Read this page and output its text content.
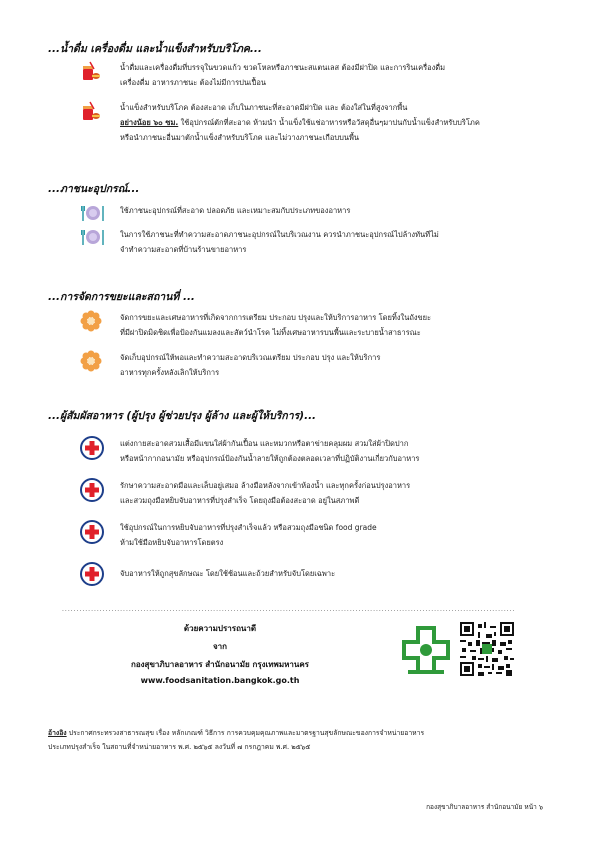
...น้ำดื่ม เครื่องดื่ม และน้ำแข็งสำหรับบริโภค...
น้ำดื่มและเครื่องดื่มที่บรรจุในขวดแก้ว ขวดโหลหรือภาชนะสแตนเลส ต้องมีฝาปิด และการรินเครื่องดื่ม
เครื่องดื่ม อาหารภาชนะ ต้องไม่มีการปนเปื้อน
น้ำแข็งสำหรับบริโภค ต้องสะอาด เก็บในภาชนะที่สะอาดมีฝาปิด และ ต้องใส่ในที่สูงจากพื้น
อย่างน้อย ๖๐ ซม. ใช้อุปกรณ์ตักที่สะอาด ห้ามนำ น้ำแข็งใช้แช่อาหารหรือวัสดุอื่นๆมาปนกับน้ำแข็งสำหรับบริโภค
หรือนำภาชนะอื่นมาตักน้ำแข็งสำหรับบริโภค และไม่วางภาชนะเกือบบนพื้น
...ภาชนะอุปกรณ์...
ใช้ภาชนะอุปกรณ์ที่สะอาด ปลอดภัย และเหมาะสมกับประเภทของอาหาร
ในการใช้ภาชนะที่ทำความสะอาดภาชนะอุปกรณ์ในบริเวณงาน ควรนำภาชนะอุปกรณ์ไปล้างทันทีไม่
จำทำความสะอาดที่บ้านร้านขายอาหาร
...การจัดการขยะและสถานที่ ...
จัดการขยะและเศษอาหารที่เกิดจากการเตรียม ประกอบ ปรุงและให้บริการอาหาร โดยทิ้งในถังขยะ
ที่มีฝาปิดมิดชิดเพื่อป้องกันแมลงและสัตว์นำโรค ไม่ทิ้งเศษอาหารบนพื้นและระบายน้ำสาธารณะ
จัดเก็บอุปกรณ์ให้พอและทำความสะอาดบริเวณเตรียม ประกอบ ปรุง และให้บริการ
อาหารทุกครั้งหลังเลิกให้บริการ
...ผู้สัมผัสอาหาร (ผู้ปรุง ผู้ช่วยปรุง ผู้ล้าง และผู้ให้บริการ)...
แต่งกายสะอาดสวมเสื้อมีแขนใส่ผ้ากันเปื้อน และหมวกหรือตาข่ายคลุมผม สวมใส่ผ้าปิดปาก
หรือหน้ากากอนามัย หรืออุปกรณ์ป้องกันน้ำลายให้ถูกต้องตลอดเวลาที่ปฏิบัติงานเกี่ยวกับอาหาร
รักษาความสะอาดมือและเล็บอยู่เสมอ ล้างมือหลังจากเข้าห้องน้ำ และทุกครั้งก่อนปรุงอาหาร
และสวมถุงมือหยิบจับอาหารที่ปรุงสำเร็จ โดยถุงมือต้องสะอาด อยู่ในสภาพดี
ใช้อุปกรณ์ในการหยิบจับอาหารที่ปรุงสำเร็จแล้ว หรือสวมถุงมือชนิด food grade
ห้ามใช้มือหยิบจับอาหารโดยตรง
จับอาหารให้ถูกสุขลักษณะ โดยใช้ช้อนและถ้วยสำหรับจับโดยเฉพาะ
............................................................................................................................................................
ด้วยความปรารถนาดี
จาก
กองสุขาภิบาลอาหาร สำนักอนามัย กรุงเทพมหานคร
www.foodsanitation.bangkok.go.th
อ้างอิง ประกาศกระทรวงสาธารณสุข เรื่อง หลักเกณฑ์ วิธีการ การควบคุมคุณภาพและมาตรฐานสุขลักษณะของการจำหน่ายอาหาร
ประเภทปรุงสำเร็จ ในสถานที่จำหน่ายอาหาร พ.ศ. ๒๕๖๕ ลงวันที่ ๗ กรกฎาคม พ.ศ. ๒๕๖๕
กองสุขาภิบาลอาหาร สำนักอนามัย หน้า ๖
